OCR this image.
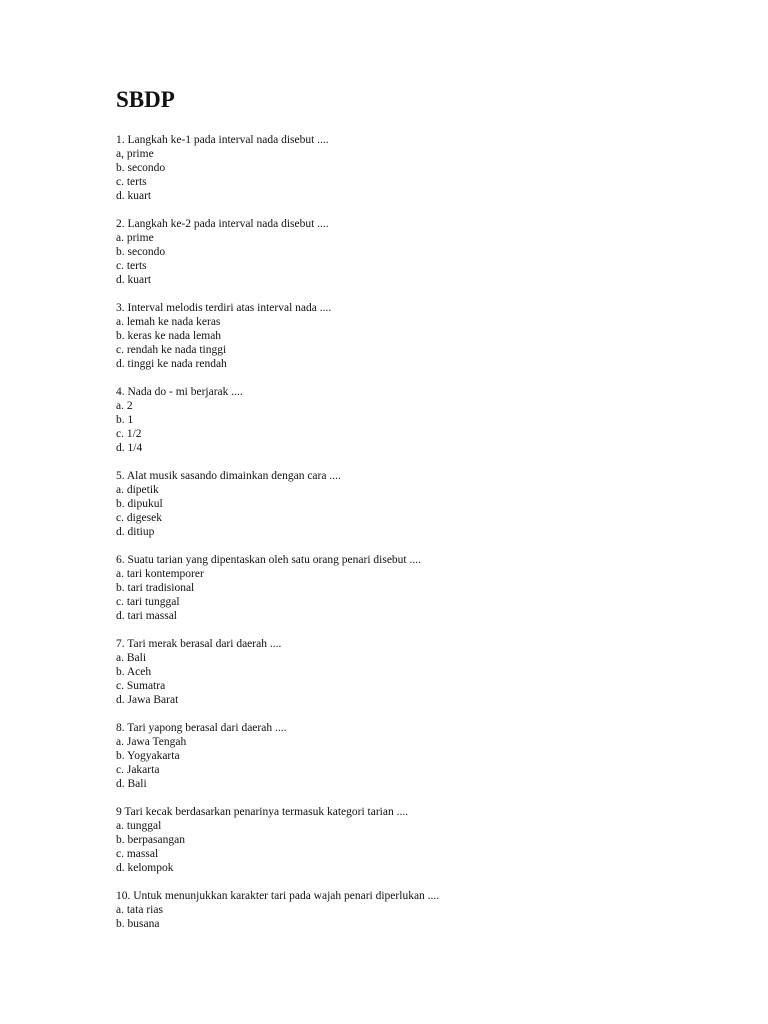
SBDP
1. Langkah ke-1 pada interval nada disebut ....
a, prime
b. secondo
c. terts
d. kuart
2. Langkah ke-2 pada interval nada disebut ....
a. prime
b. secondo
c. terts
d. kuart
3. Interval melodis terdiri atas interval nada ....
a. lemah ke nada keras
b. keras ke nada lemah
c. rendah ke nada tinggi
d. tinggi ke nada rendah
4. Nada do - mi berjarak ....
a. 2
b. 1
c. 1/2
d. 1/4
5. Alat musik sasando dimainkan dengan cara ....
a. dipetik
b. dipukul
c. digesek
d. ditiup
6. Suatu tarian yang dipentaskan oleh satu orang penari disebut ....
a. tari kontemporer
b. tari tradisional
c. tari tunggal
d. tari massal
7. Tari merak berasal dari daerah ....
a. Bali
b. Aceh
c. Sumatra
d. Jawa Barat
8. Tari yapong berasal dari daerah ....
a. Jawa Tengah
b. Yogyakarta
c. Jakarta
d. Bali
9 Tari kecak berdasarkan penarinya termasuk kategori tarian ....
a. tunggal
b. berpasangan
c. massal
d. kelompok
10. Untuk menunjukkan karakter tari pada wajah penari diperlukan ....
a. tata rias
b. busana
